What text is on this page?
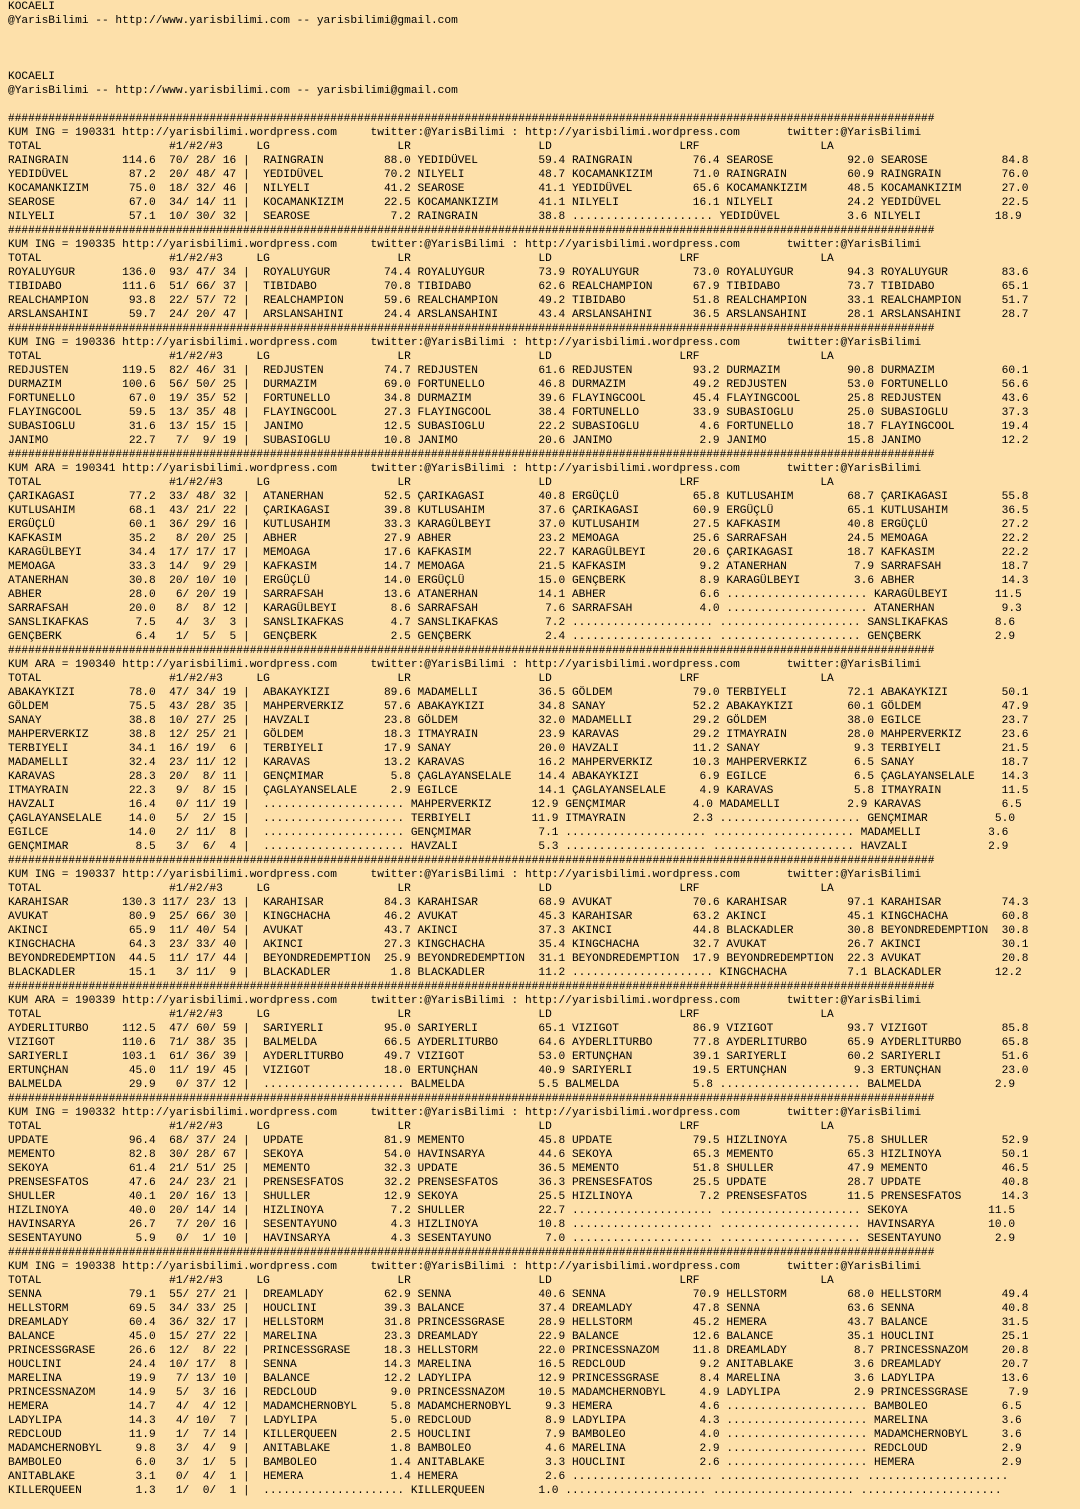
KOCAELI
@YarisBilimi -- http://www.yarisbilimi.com -- yarisbilimi@gmail.com

KOCAELI
@YarisBilimi -- http://www.yarisbilimi.com -- yarisbilimi@gmail.com

##########################################################################################################################################
KUM ING = 190331 http://yarisbilimi.wordpress.com     twitter:@YarisBilimi : http://yarisbilimi.wordpress.com       twitter:@YarisBilimi
TOTAL                   #1/#2/#3     LG                   LR                   LD                   LRF                  LA
RAINGRAIN        114.6  70/ 28/ 16 |  RAINGRAIN         88.0 YEDIDÜVEL         59.4 RAINGRAIN         76.4 SEAROSE           92.0 SEAROSE           84.8
YEDIDÜVEL         87.2  20/ 48/ 47 |  YEDIDÜVEL         70.2 NILYELI           48.7 KOCAMANKIZIM      71.0 RAINGRAIN         60.9 RAINGRAIN         76.0
KOCAMANKIZIM      75.0  18/ 32/ 46 |  NILYELI           41.2 SEAROSE           41.1 YEDIDÜVEL         65.6 KOCAMANKIZIM      48.5 KOCAMANKIZIM      27.0
SEAROSE           67.0  34/ 14/ 11 |  KOCAMANKIZIM      22.5 KOCAMANKIZIM      41.1 NILYELI           16.1 NILYELI           24.2 YEDIDÜVEL         22.5
NILYELI           57.1  10/ 30/ 32 |  SEAROSE            7.2 RAINGRAIN         38.8 ..................... YEDIDÜVEL          3.6 NILYELI           18.9
##########################################################################################################################################
KUM ING = 190335 http://yarisbilimi.wordpress.com     twitter:@YarisBilimi : http://yarisbilimi.wordpress.com       twitter:@YarisBilimi
TOTAL                   #1/#2/#3     LG                   LR                   LD                   LRF                  LA
ROYALUYGUR       136.0  93/ 47/ 34 |  ROYALUYGUR        74.4 ROYALUYGUR        73.9 ROYALUYGUR        73.0 ROYALUYGUR        94.3 ROYALUYGUR        83.6
TIBIDABO         111.6  51/ 66/ 37 |  TIBIDABO          70.8 TIBIDABO          62.6 REALCHAMPION      67.9 TIBIDABO          73.7 TIBIDABO          65.1
REALCHAMPION      93.8  22/ 57/ 72 |  REALCHAMPION      59.6 REALCHAMPION      49.2 TIBIDABO          51.8 REALCHAMPION      33.1 REALCHAMPION      51.7
ARSLANSAHINI      59.7  24/ 20/ 47 |  ARSLANSAHINI      24.4 ARSLANSAHINI      43.4 ARSLANSAHINI      36.5 ARSLANSAHINI      28.1 ARSLANSAHINI      28.7
##########################################################################################################################################
KUM ING = 190336 http://yarisbilimi.wordpress.com     twitter:@YarisBilimi : http://yarisbilimi.wordpress.com       twitter:@YarisBilimi
TOTAL                   #1/#2/#3     LG                   LR                   LD                   LRF                  LA
REDJUSTEN        119.5  82/ 46/ 31 |  REDJUSTEN         74.7 REDJUSTEN         61.6 REDJUSTEN         93.2 DURMAZIM          90.8 DURMAZIM          60.1
DURMAZIM         100.6  56/ 50/ 25 |  DURMAZIM          69.0 FORTUNELLO        46.8 DURMAZIM          49.2 REDJUSTEN         53.0 FORTUNELLO        56.6
FORTUNELLO        67.0  19/ 35/ 52 |  FORTUNELLO        34.8 DURMAZIM          39.6 FLAYINGCOOL       45.4 FLAYINGCOOL       25.8 REDJUSTEN         43.6
FLAYINGCOOL       59.5  13/ 35/ 48 |  FLAYINGCOOL       27.3 FLAYINGCOOL       38.4 FORTUNELLO        33.9 SUBASIOGLU        25.0 SUBASIOGLU        37.3
SUBASIOGLU        31.6  13/ 15/ 15 |  JANIMO            12.5 SUBASIOGLU        22.2 SUBASIOGLU         4.6 FORTUNELLO        18.7 FLAYINGCOOL       19.4
JANIMO            22.7   7/  9/ 19 |  SUBASIOGLU        10.8 JANIMO            20.6 JANIMO             2.9 JANIMO            15.8 JANIMO            12.2
##########################################################################################################################################
KUM ARA = 190341 http://yarisbilimi.wordpress.com     twitter:@YarisBilimi : http://yarisbilimi.wordpress.com       twitter:@YarisBilimi
TOTAL                   #1/#2/#3     LG                   LR                   LD                   LRF                  LA
ÇARIKAGASI        77.2  33/ 48/ 32 |  ATANERHAN         52.5 ÇARIKAGASI        40.8 ERGÜÇLÜ           65.8 KUTLUSAHIM        68.7 ÇARIKAGASI        55.8
KUTLUSAHIM        68.1  43/ 21/ 22 |  ÇARIKAGASI        39.8 KUTLUSAHIM        37.6 ÇARIKAGASI        60.9 ERGÜÇLÜ           65.1 KUTLUSAHIM        36.5
ERGÜÇLÜ           60.1  36/ 29/ 16 |  KUTLUSAHIM        33.3 KARAGÜLBEYI       37.0 KUTLUSAHIM        27.5 KAFKASIM          40.8 ERGÜÇLÜ           27.2
KAFKASIM          35.2   8/ 20/ 25 |  ABHER             27.9 ABHER             23.2 MEMOAGA           25.6 SARRAFSAH         24.5 MEMOAGA           22.2
KARAGÜLBEYI       34.4  17/ 17/ 17 |  MEMOAGA           17.6 KAFKASIM          22.7 KARAGÜLBEYI       20.6 ÇARIKAGASI        18.7 KAFKASIM          22.2
MEMOAGA           33.3  14/  9/ 29 |  KAFKASIM          14.7 MEMOAGA           21.5 KAFKASIM           9.2 ATANERHAN          7.9 SARRAFSAH         18.7
ATANERHAN         30.8  20/ 10/ 10 |  ERGÜÇLÜ           14.0 ERGÜÇLÜ           15.0 GENÇBERK           8.9 KARAGÜLBEYI        3.6 ABHER             14.3
ABHER             28.0   6/ 20/ 19 |  SARRAFSAH         13.6 ATANERHAN         14.1 ABHER              6.6 ..................... KARAGÜLBEYI       11.5
SARRAFSAH         20.0   8/  8/ 12 |  KARAGÜLBEYI        8.6 SARRAFSAH          7.6 SARRAFSAH          4.0 ..................... ATANERHAN          9.3
SANSLIKAFKAS       7.5   4/  3/  3 |  SANSLIKAFKAS       4.7 SANSLIKAFKAS       7.2 ..................... ..................... SANSLIKAFKAS       8.6
GENÇBERK           6.4   1/  5/  5 |  GENÇBERK           2.5 GENÇBERK           2.4 ..................... ..................... GENÇBERK           2.9
##########################################################################################################################################
KUM ARA = 190340 http://yarisbilimi.wordpress.com     twitter:@YarisBilimi : http://yarisbilimi.wordpress.com       twitter:@YarisBilimi
TOTAL                   #1/#2/#3     LG                   LR                   LD                   LRF                  LA
ABAKAYKIZI        78.0  47/ 34/ 19 |  ABAKAYKIZI        89.6 MADAMELLI         36.5 GÖLDEM            79.0 TERBIYELI         72.1 ABAKAYKIZI        50.1
GÖLDEM            75.5  43/ 28/ 35 |  MAHPERVERKIZ      57.6 ABAKAYKIZI        34.8 SANAY             52.2 ABAKAYKIZI        60.1 GÖLDEM            47.9
SANAY             38.8  10/ 27/ 25 |  HAVZALI           23.8 GÖLDEM            32.0 MADAMELLI         29.2 GÖLDEM            38.0 EGILCE            23.7
MAHPERVERKIZ      38.8  12/ 25/ 21 |  GÖLDEM            18.3 ITMAYRAIN         23.9 KARAVAS           29.2 ITMAYRAIN         28.0 MAHPERVERKIZ      23.6
TERBIYELI         34.1  16/ 19/  6 |  TERBIYELI         17.9 SANAY             20.0 HAVZALI           11.2 SANAY              9.3 TERBIYELI         21.5
MADAMELLI         32.4  23/ 11/ 12 |  KARAVAS           13.2 KARAVAS           16.2 MAHPERVERKIZ      10.3 MAHPERVERKIZ       6.5 SANAY             18.7
KARAVAS           28.3  20/  8/ 11 |  GENÇMIMAR          5.8 ÇAGLAYANSELALE    14.4 ABAKAYKIZI         6.9 EGILCE             6.5 ÇAGLAYANSELALE    14.3
ITMAYRAIN         22.3   9/  8/ 15 |  ÇAGLAYANSELALE     2.9 EGILCE            14.1 ÇAGLAYANSELALE     4.9 KARAVAS            5.8 ITMAYRAIN         11.5
HAVZALI           16.4   0/ 11/ 19 |  ..................... MAHPERVERKIZ      12.9 GENÇMIMAR          4.0 MADAMELLI          2.9 KARAVAS            6.5
ÇAGLAYANSELALE    14.0   5/  2/ 15 |  ..................... TERBIYELI         11.9 ITMAYRAIN          2.3 ..................... GENÇMIMAR          5.0
EGILCE            14.0   2/ 11/  8 |  ..................... GENÇMIMAR          7.1 ..................... ..................... MADAMELLI          3.6
GENÇMIMAR          8.5   3/  6/  4 |  ..................... HAVZALI            5.3 ..................... ..................... HAVZALI            2.9
##########################################################################################################################################
KUM ING = 190337 http://yarisbilimi.wordpress.com     twitter:@YarisBilimi : http://yarisbilimi.wordpress.com       twitter:@YarisBilimi
TOTAL                   #1/#2/#3     LG                   LR                   LD                   LRF                  LA
KARAHISAR        130.3 117/ 23/ 13 |  KARAHISAR         84.3 KARAHISAR         68.9 AVUKAT            70.6 KARAHISAR         97.1 KARAHISAR         74.3
AVUKAT            80.9  25/ 66/ 30 |  KINGCHACHA        46.2 AVUKAT            45.3 KARAHISAR         63.2 AKINCI            45.1 KINGCHACHA        60.8
AKINCI            65.9  11/ 40/ 54 |  AVUKAT            43.7 AKINCI            37.3 AKINCI            44.8 BLACKADLER        30.8 BEYONDREDEMPTION  30.8
KINGCHACHA        64.3  23/ 33/ 40 |  AKINCI            27.3 KINGCHACHA        35.4 KINGCHACHA        32.7 AVUKAT            26.7 AKINCI            30.1
BEYONDREDEMPTION  44.5  11/ 17/ 44 |  BEYONDREDEMPTION  25.9 BEYONDREDEMPTION  31.1 BEYONDREDEMPTION  17.9 BEYONDREDEMPTION  22.3 AVUKAT            20.8
BLACKADLER        15.1   3/ 11/  9 |  BLACKADLER         1.8 BLACKADLER        11.2 ..................... KINGCHACHA         7.1 BLACKADLER        12.2
##########################################################################################################################################
KUM ARA = 190339 http://yarisbilimi.wordpress.com     twitter:@YarisBilimi : http://yarisbilimi.wordpress.com       twitter:@YarisBilimi
TOTAL                   #1/#2/#3     LG                   LR                   LD                   LRF                  LA
AYDERLITURBO     112.5  47/ 60/ 59 |  SARIYERLI         95.0 SARIYERLI         65.1 VIZIGOT           86.9 VIZIGOT           93.7 VIZIGOT           85.8
VIZIGOT          110.6  71/ 38/ 35 |  BALMELDA          66.5 AYDERLITURBO      64.6 AYDERLITURBO      77.8 AYDERLITURBO      65.9 AYDERLITURBO      65.8
SARIYERLI        103.1  61/ 36/ 39 |  AYDERLITURBO      49.7 VIZIGOT           53.0 ERTUNÇHAN         39.1 SARIYERLI         60.2 SARIYERLI         51.6
ERTUNÇHAN         45.0  11/ 19/ 45 |  VIZIGOT           18.0 ERTUNÇHAN         40.9 SARIYERLI         19.5 ERTUNÇHAN          9.3 ERTUNÇHAN         23.0
BALMELDA          29.9   0/ 37/ 12 |  ..................... BALMELDA           5.5 BALMELDA           5.8 ..................... BALMELDA           2.9
##########################################################################################################################################
KUM ING = 190332 http://yarisbilimi.wordpress.com     twitter:@YarisBilimi : http://yarisbilimi.wordpress.com       twitter:@YarisBilimi
TOTAL                   #1/#2/#3     LG                   LR                   LD                   LRF                  LA
UPDATE            96.4  68/ 37/ 24 |  UPDATE            81.9 MEMENTO           45.8 UPDATE            79.5 HIZLINOYA         75.8 SHULLER           52.9
MEMENTO           82.8  30/ 28/ 67 |  SEKOYA            54.0 HAVINSARYA        44.6 SEKOYA            65.3 MEMENTO           65.3 HIZLINOYA         50.1
SEKOYA            61.4  21/ 51/ 25 |  MEMENTO           32.3 UPDATE            36.5 MEMENTO           51.8 SHULLER           47.9 MEMENTO           46.5
PRENSESFATOS      47.6  24/ 23/ 21 |  PRENSESFATOS      32.2 PRENSESFATOS      36.3 PRENSESFATOS      25.5 UPDATE            28.7 UPDATE            40.8
SHULLER           40.1  20/ 16/ 13 |  SHULLER           12.9 SEKOYA            25.5 HIZLINOYA          7.2 PRENSESFATOS      11.5 PRENSESFATOS      14.3
HIZLINOYA         40.0  20/ 14/ 14 |  HIZLINOYA          7.2 SHULLER           22.7 ..................... ..................... SEKOYA            11.5
HAVINSARYA        26.7   7/ 20/ 16 |  SESENTAYUNO        4.3 HIZLINOYA         10.8 ..................... ..................... HAVINSARYA        10.0
SESENTAYUNO        5.9   0/  1/ 10 |  HAVINSARYA         4.3 SESENTAYUNO        7.0 ..................... ..................... SESENTAYUNO        2.9
##########################################################################################################################################
KUM ING = 190338 http://yarisbilimi.wordpress.com     twitter:@YarisBilimi : http://yarisbilimi.wordpress.com       twitter:@YarisBilimi
TOTAL                   #1/#2/#3     LG                   LR                   LD                   LRF                  LA
SENNA             79.1  55/ 27/ 21 |  DREAMLADY         62.9 SENNA             40.6 SENNA             70.9 HELLSTORM         68.0 HELLSTORM         49.4
HELLSTORM         69.5  34/ 33/ 25 |  HOUCLINI          39.3 BALANCE           37.4 DREAMLADY         47.8 SENNA             63.6 SENNA             40.8
DREAMLADY         60.4  36/ 32/ 17 |  HELLSTORM         31.8 PRINCESSGRASE     28.9 HELLSTORM         45.2 HEMERA            43.7 BALANCE           31.5
BALANCE           45.0  15/ 27/ 22 |  MARELINA          23.3 DREAMLADY         22.9 BALANCE           12.6 BALANCE           35.1 HOUCLINI          25.1
PRINCESSGRASE     26.6  12/  8/ 22 |  PRINCESSGRASE     18.3 HELLSTORM         22.0 PRINCESSNAZOM     11.8 DREAMLADY          8.7 PRINCESSNAZOM     20.8
HOUCLINI          24.4  10/ 17/  8 |  SENNA             14.3 MARELINA          16.5 REDCLOUD           9.2 ANITABLAKE         3.6 DREAMLADY         20.7
MARELINA          19.9   7/ 13/ 10 |  BALANCE           12.2 LADYLIPA          12.9 PRINCESSGRASE      8.4 MARELINA           3.6 LADYLIPA          13.6
PRINCESSNAZOM     14.9   5/  3/ 16 |  REDCLOUD           9.0 PRINCESSNAZOM     10.5 MADAMCHERNOBYL     4.9 LADYLIPA           2.9 PRINCESSGRASE      7.9
HEMERA            14.7   4/  4/ 12 |  MADAMCHERNOBYL     5.8 MADAMCHERNOBYL     9.3 HEMERA             4.6 ..................... BAMBOLEO           6.5
LADYLIPA          14.3   4/ 10/  7 |  LADYLIPA           5.0 REDCLOUD           8.9 LADYLIPA           4.3 ..................... MARELINA           3.6
REDCLOUD          11.9   1/  7/ 14 |  KILLERQUEEN        2.5 HOUCLINI           7.9 BAMBOLEO           4.0 ..................... MADAMCHERNOBYL     3.6
MADAMCHERNOBYL     9.8   3/  4/  9 |  ANITABLAKE         1.8 BAMBOLEO           4.6 MARELINA           2.9 ..................... REDCLOUD           2.9
BAMBOLEO           6.0   3/  1/  5 |  BAMBOLEO           1.4 ANITABLAKE         3.3 HOUCLINI           2.6 ..................... HEMERA             2.9
ANITABLAKE         3.1   0/  4/  1 |  HEMERA             1.4 HEMERA             2.6 ..................... ..................... .....................
KILLERQUEEN        1.3   1/  0/  1 |  ..................... KILLERQUEEN        1.0 ..................... ..................... .....................
